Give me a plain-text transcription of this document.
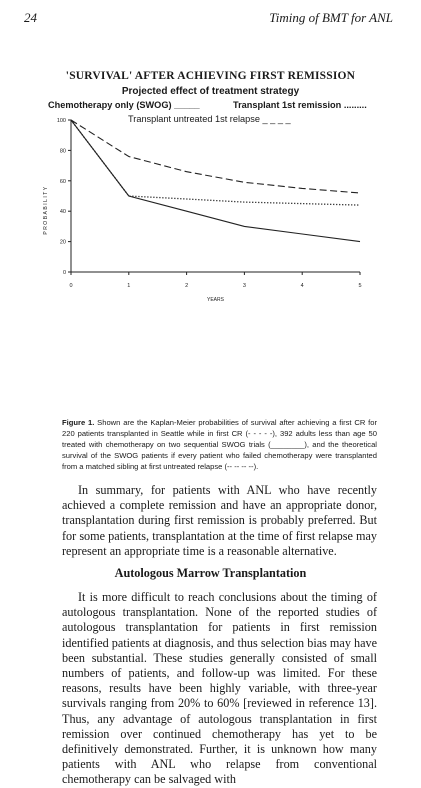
24	Timing of BMT for ANL
'SURVIVAL' AFTER ACHIEVING FIRST REMISSION
Projected effect of treatment strategy
0	1	2	3	4	5
0
20
40
60
80
100
YEARS
PROBABILITY
Chemotherapy only (SWOG) _____	Transplant 1st remission .........
Transplant untreated 1st relapse _ _ _ _
Figure 1. Shown are the Kaplan-Meier probabilities of survival after achieving a first CR for 220 patients transplanted in Seattle while in first CR (- - - - -), 392 adults less than age 50 treated with chemotherapy on two sequential SWOG trials (________), and the theoretical survival of the SWOG patients if every patient who failed chemotherapy were transplanted from a matched sibling at first untreated relapse (-- -- -- --).
In summary, for patients with ANL who have recently achieved a complete remission and have an appropriate donor, transplantation during first remission is probably preferred. But for some patients, transplantation at the time of first relapse may represent an appropriate time is a reasonable alternative.
Autologous Marrow Transplantation
It is more difficult to reach conclusions about the timing of autologous transplantation. None of the reported studies of autologous transplantation for patients in first remission identified patients at diagnosis, and thus selection bias may have been substantial. These studies generally consisted of small numbers of patients, and follow-up was limited. For these reasons, results have been highly variable, with three-year survivals ranging from 20% to 60% [reviewed in reference 13]. Thus, any advantage of autologous transplantation in first remission over continued chemotherapy has yet to be definitively demonstrated. Further, it is unknown how many patients with ANL who relapse from conventional chemotherapy can be salvaged with
